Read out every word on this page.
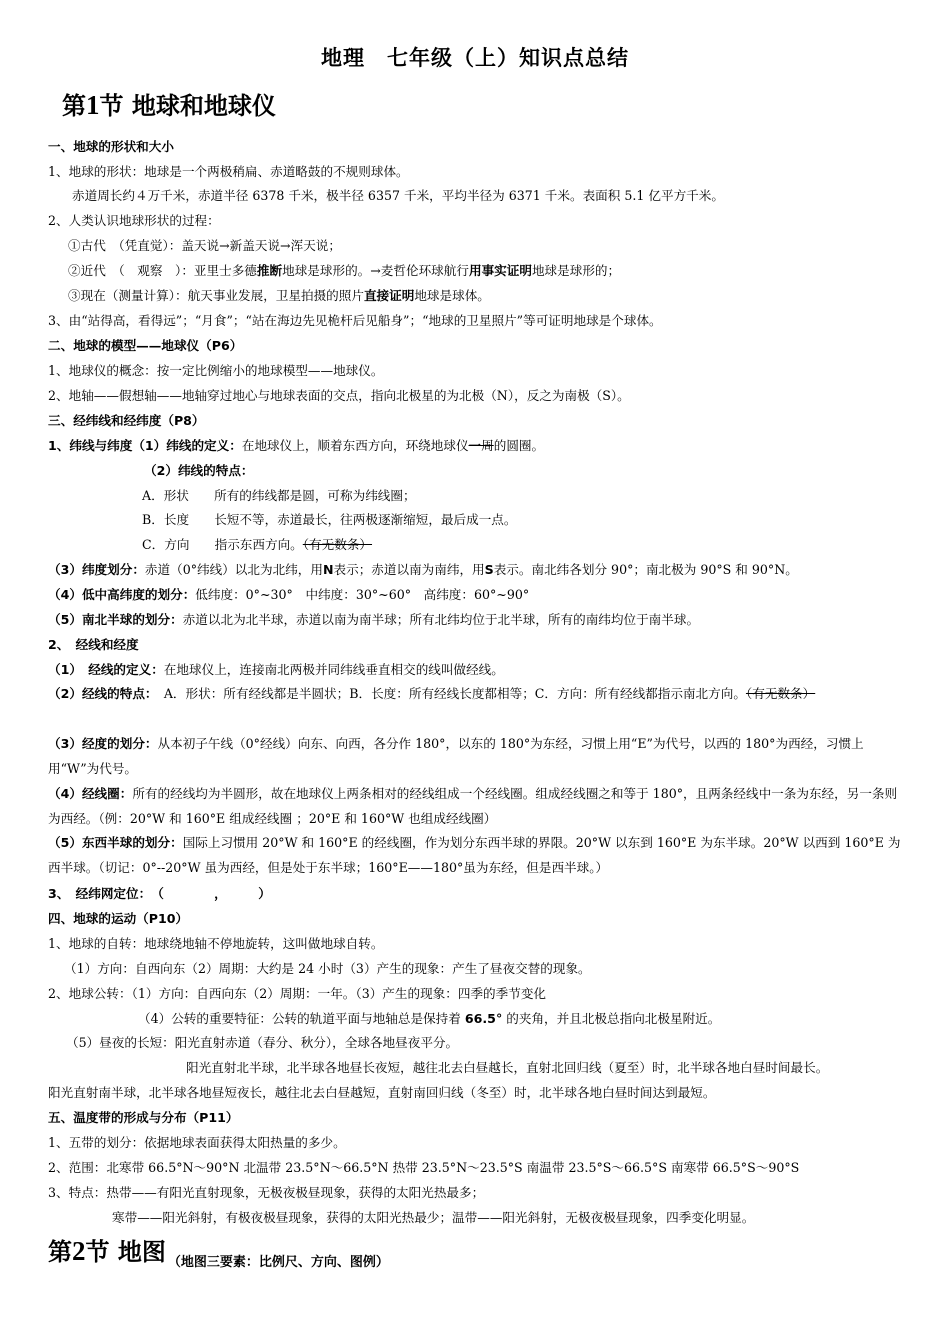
地理　七年级（上）知识点总结
第1节 地球和地球仪
一、地球的形状和大小
1、地球的形状：地球是一个两极稍扁、赤道略鼓的不规则球体。
赤道周长约４万千米，赤道半径 6378 千米，极半径 6357 千米，平均半径为 6371 千米。表面积 5.1 亿平方千米。
2、人类认识地球形状的过程：
①古代　（凭直觉）：盖天说→新盖天说→浑天说；
②近代　（　观察　）：亚里士多德推断地球是球形的。→麦哲伦环球航行用事实证明地球是球形的；
③现在（测量计算）：航天事业发展，卫星拍摄的照片直接证明地球是球体。
3、由“站得高，看得远”；“月食”；“站在海边先见桅杆后见船身”；“地球的卫星照片”等可证明地球是个球体。
二、地球的模型——地球仪（P6）
1、地球仪的概念：按一定比例缩小的地球模型——地球仪。
2、地轴——假想轴——地轴穿过地心与地球表面的交点，指向北极星的为北极（N），反之为南极（S）。
三、经纬线和经纬度（P8）
1、纬线与纬度（1）纬线的定义：在地球仪上，顺着东西方向，环绕地球仪一周的圆圈。
（2）纬线的特点：
A．形状　　所有的纬线都是圆，可称为纬线圈；
B．长度　　长短不等，赤道最长，往两极逐渐缩短，最后成一点。
C．方向　　指示东西方向。（有无数条）
（3）纬度划分：赤道（0°纬线）以北为北纬，用N表示；赤道以南为南纬，用S表示。南北纬各划分 90°；南北极为 90°S 和 90°N。
（4）低中高纬度的划分：低纬度：0°~30°　中纬度：30°~60°　高纬度：60°~90°
（5）南北半球的划分：赤道以北为北半球，赤道以南为南半球；所有北纬均位于北半球，所有的南纬均位于南半球。
2、　经线和经度
（1）　经线的定义：在地球仪上，连接南北两极并同纬线垂直相交的线叫做经线。
（2）经线的特点：　A．形状：所有经线都是半圆状；B．长度：所有经线长度都相等；C．方向：所有经线都指示南北方向。（有无数条）
（3）经度的划分：从本初子午线（0°经线）向东、向西，各分作 180°，以东的 180°为东经，习惯上用“E”为代号，以西的 180°为西经，习惯上用“W”为代号。
（4）经线圈：所有的经线均为半圆形，故在地球仪上两条相对的经线组成一个经线圈。组成经线圈之和等于 180°，且两条经线中一条为东经，另一条则为西经。（例：20°W 和 160°E 组成经线圈 ；20°E 和 160°W 也组成经线圈）
（5）东西半球的划分：国际上习惯用 20°W 和 160°E 的经线圈，作为划分东西半球的界限。20°W 以东到 160°E 为东半球。20°W 以西到 160°E 为西半球。（切记：0°--20°W 虽为西经，但是处于东半球；160°E——180°虽为东经，但是西半球。）
3、　经纬网定位：　（　　　　，　　　）
四、地球的运动（P10）
1、地球的自转：地球绕地轴不停地旋转，这叫做地球自转。
（1）方向：自西向东（2）周期：大约是 24 小时（3）产生的现象：产生了昼夜交替的现象。
2、地球公转：（1）方向：自西向东（2）周期：一年。（3）产生的现象：四季的季节变化
（4）公转的重要特征：公转的轨道平面与地轴总是保持着 66.5° 的夹角，并且北极总指向北极星附近。
（5）昼夜的长短：阳光直射赤道（春分、秋分），全球各地昼夜平分。
阳光直射北半球，北半球各地昼长夜短，越往北去白昼越长，直射北回归线（夏至）时，北半球各地白昼时间最长。
阳光直射南半球，北半球各地昼短夜长，越往北去白昼越短，直射南回归线（冬至）时，北半球各地白昼时间达到最短。
五、温度带的形成与分布（P11）
1、五带的划分：依据地球表面获得太阳热量的多少。
2、范围：北寒带 66.5°N～90°N 北温带 23.5°N～66.5°N 热带 23.5°N～23.5°S 南温带 23.5°S～66.5°S 南寒带 66.5°S～90°S
3、特点：热带——有阳光直射现象，无极夜极昼现象，获得的太阳光热最多；
寒带——阳光斜射，有极夜极昼现象，获得的太阳光热最少；温带——阳光斜射，无极夜极昼现象，四季变化明显。
第2节 地图 $_{(地图三要素:比例尺、方向、图例)}$
